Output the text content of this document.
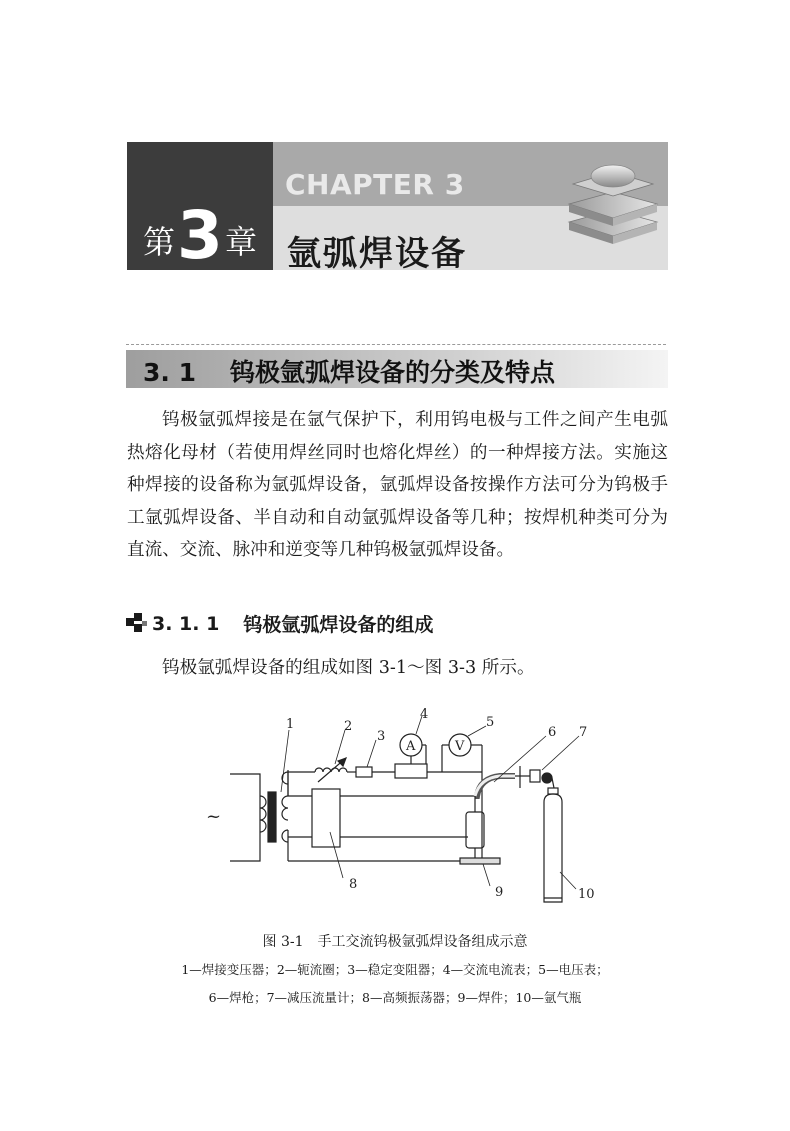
第 3 章
CHAPTER 3
氩弧焊设备
3. 1 钨极氩弧焊设备的分类及特点

钨极氩弧焊接是在氩气保护下，利用钨电极与工件之间产生电弧热熔化母材（若使用焊丝同时也熔化焊丝）的一种焊接方法。实施这种焊接的设备称为氩弧焊设备，氩弧焊设备按操作方法可分为钨极手工氩弧焊设备、半自动和自动氩弧焊设备等几种；按焊机种类可分为直流、交流、脉冲和逆变等几种钨极氩弧焊设备。

3. 1. 1 钨极氩弧焊设备的组成

钨极氩弧焊设备的组成如图 3-1～图 3-3 所示。

~
A	V
1	2
3
4
5
6 7
8
9	10

图 3-1　手工交流钨极氩弧焊设备组成示意

1—焊接变压器；2—轭流圈；3—稳定变阻器；4—交流电流表；5—电压表；

6—焊枪；7—减压流量计；8—高频振荡器；9—焊件；10—氩气瓶
